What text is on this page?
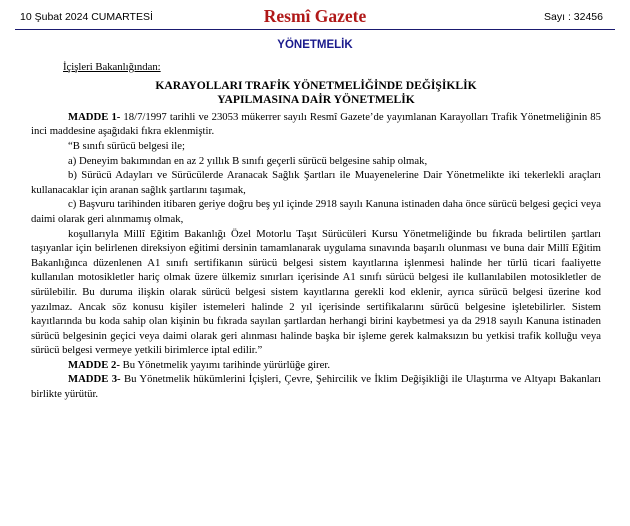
10 Şubat 2024 CUMARTESİ	Resmî Gazete	Sayı : 32456
YÖNETMELİK
İçişleri Bakanlığından:
KARAYOLLARI TRAFİK YÖNETMELİĞİNDE DEĞİŞİKLİK
YAPILMASINA DAİR YÖNETMELİK

MADDE 1- 18/7/1997 tarihli ve 23053 mükerrer sayılı Resmî Gazete’de yayımlanan Karayolları Trafik Yönetmeliğinin 85 inci maddesine aşağıdaki fıkra eklenmiştir.

“B sınıfı sürücü belgesi ile;

a) Deneyim bakımından en az 2 yıllık B sınıfı geçerli sürücü belgesine sahip olmak,

b) Sürücü Adayları ve Sürücülerde Aranacak Sağlık Şartları ile Muayenelerine Dair Yönetmelikte iki tekerlekli araçları kullanacaklar için aranan sağlık şartlarını taşımak,

c) Başvuru tarihinden itibaren geriye doğru beş yıl içinde 2918 sayılı Kanuna istinaden daha önce sürücü belgesi geçici veya daimi olarak geri alınmamış olmak,

koşullarıyla Millî Eğitim Bakanlığı Özel Motorlu Taşıt Sürücüleri Kursu Yönetmeliğinde bu fıkrada belirtilen şartları taşıyanlar için belirlenen direksiyon eğitimi dersinin tamamlanarak uygulama sınavında başarılı olunması ve buna dair Millî Eğitim Bakanlığınca düzenlenen A1 sınıfı sertifikanın sürücü belgesi sistem kayıtlarına işlenmesi halinde her türlü ticari faaliyette kullanılan motosikletler hariç olmak üzere ülkemiz sınırları içerisinde A1 sınıfı sürücü belgesi ile kullanılabilen motosikletler de sürülebilir. Bu duruma ilişkin olarak sürücü belgesi sistem kayıtlarına gerekli kod eklenir, ayrıca sürücü belgesi üzerine kod yazılmaz. Ancak söz konusu kişiler istemeleri halinde 2 yıl içerisinde sertifikalarını sürücü belgesine işletebilirler. Sistem kayıtlarında bu koda sahip olan kişinin bu fıkrada sayılan şartlardan herhangi birini kaybetmesi ya da 2918 sayılı Kanuna istinaden sürücü belgesinin geçici veya daimi olarak geri alınması halinde başka bir işleme gerek kalmaksızın bu yetkisi trafik kolluğu veya sürücü belgesi vermeye yetkili birimlerce iptal edilir.”

MADDE 2- Bu Yönetmelik yayımı tarihinde yürürlüğe girer.

MADDE 3- Bu Yönetmelik hükümlerini İçişleri, Çevre, Şehircilik ve İklim Değişikliği ile Ulaştırma ve Altyapı Bakanları birlikte yürütür.
